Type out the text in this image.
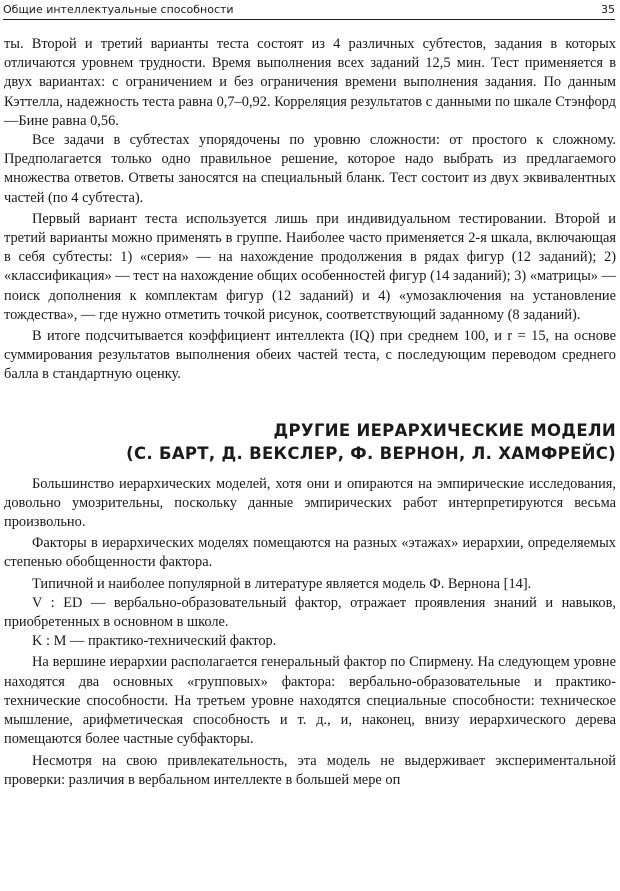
Общие интеллектуальные способности	35

ты. Второй и третий варианты теста состоят из 4 различных субтестов, задания в которых отличаются уровнем трудности. Время выполнения всех заданий 12,5 мин. Тест применяется в двух вариантах: с ограничением и без ограничения времени выполнения задания. По данным Кэттелла, надежность теста равна 0,7–0,92. Корреляция результатов с данными по шкале Стэнфорд—Бине равна 0,56.

Все задачи в субтестах упорядочены по уровню сложности: от простого к сложному. Предполагается только одно правильное решение, которое надо выбрать из предлагаемого множества ответов. Ответы заносятся на специальный бланк. Тест состоит из двух эквивалентных частей (по 4 субтеста).

Первый вариант теста используется лишь при индивидуальном тестировании. Второй и третий варианты можно применять в группе. Наиболее часто применяется 2-я шкала, включающая в себя субтесты: 1) «серия» — на нахождение продолжения в рядах фигур (12 заданий); 2) «классификация» — тест на нахождение общих особенностей фигур (14 заданий); 3) «матрицы» — поиск дополнения к комплектам фигур (12 заданий) и 4) «умозаключения на установление тождества», — где нужно отметить точкой рисунок, соответствующий заданному (8 заданий).

В итоге подсчитывается коэффициент интеллекта (IQ) при среднем 100, и r = 15, на основе суммирования результатов выполнения обеих частей теста, с последующим переводом среднего балла в стандартную оценку.

ДРУГИЕ ИЕРАРХИЧЕСКИЕ МОДЕЛИ
(С. БАРТ, Д. ВЕКСЛЕР, Ф. ВЕРНОН, Л. ХАМФРЕЙС)

Большинство иерархических моделей, хотя они и опираются на эмпирические исследования, довольно умозрительны, поскольку данные эмпирических работ интерпретируются весьма произвольно.

Факторы в иерархических моделях помещаются на разных «этажах» иерархии, определяемых степенью обобщенности фактора.

Типичной и наиболее популярной в литературе является модель Ф. Вернона [14].

V : ED — вербально-образовательный фактор, отражает проявления знаний и навыков, приобретенных в основном в школе.

K : M — практико-технический фактор.

На вершине иерархии располагается генеральный фактор по Спирмену. На следующем уровне находятся два основных «групповых» фактора: вербально-образовательные и практико-технические способности. На третьем уровне находятся специальные способности: техническое мышление, арифметическая способность и т. д., и, наконец, внизу иерархического дерева помещаются более частные субфакторы.

Несмотря на свою привлекательность, эта модель не выдерживает экспериментальной проверки: различия в вербальном интеллекте в большей мере оп
